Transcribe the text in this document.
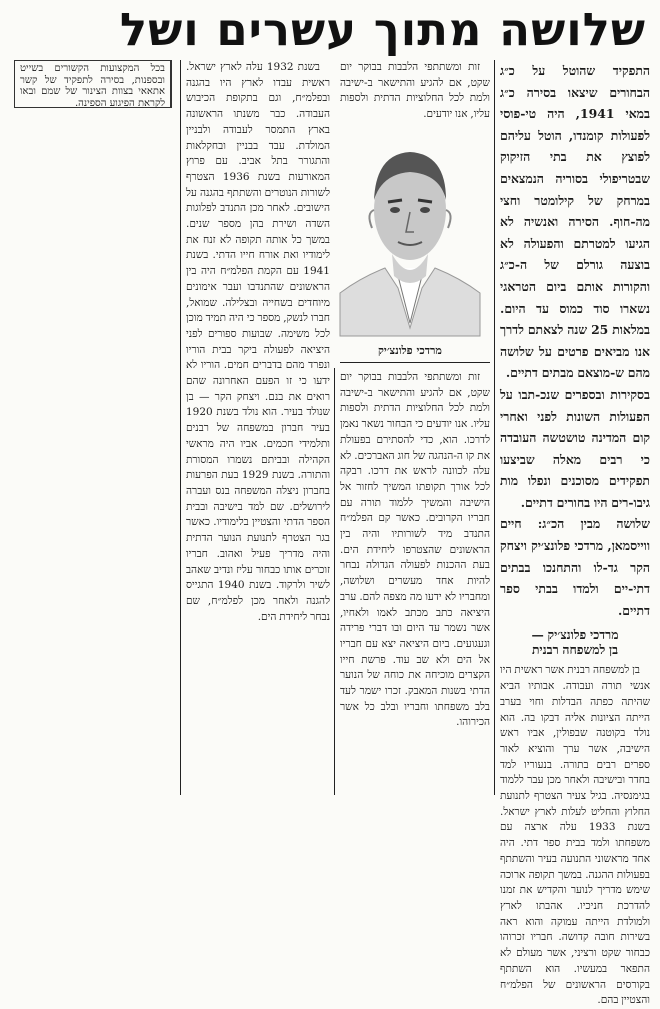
שלושה מתוך עשרים ושל

התפקיד שהוטל על כ״ג הבחורים שיצאו בסירה כ״ג במאי 1941, היה טי-פוסי לפעולות קומנדו, הוטל עליהם לפוצץ את בתי הזיקוק שבטריפולי בסוריה הנמצאים במרחק של קילומטר וחצי מה-חוף. הסירה ואנשיה לא הגיעו למטרתם והפעולה לא בוצעה גורלם של ה-כ״ג והקורות אותם ביום הטראגי נשארו סוד כמוס עד היום. במלאות 25 שנה לצאתם לדרך אנו מביאים פרטים על שלושה מהם ש-מוצאם מבתים דתיים.

בסקירות ובספרים שנכ-תבו על הפעולות השונות לפני ואחרי קום המדינה טושטשה העובדה כי רבים מאלה שביצעו תפקידים מסוכנים ונפלו מות גיבו-רים היו בחורים דתיים.

שלושה מבין הכ״ג: חיים ווייסמאן, מרדכי פלונצ׳יק ויצחק הקר גד-לו והתחנכו בבתים דתי-יים ולמדו בבתי ספר דתיים.

מרדכי פלונצ׳יק —
בן למשפחה רבנית

בן למשפחה רבנית אשר ראשית היו אנשי תורה ועבודה. אבותיו הביא שהיתה כפתה הבדלות וחוי בערב הייתה הציונות אליה דבקו בה. הוא נולד בקוטנה שבפולין, אביו ראש הישיבה, אשר ערך והוציא לאור ספרים רבים בתורה. בנעוריו למד בחדר ובישיבה ולאחר מכן עבר ללמוד בגימנסיה. בגיל צעיר הצטרף לתנועת החלוץ והחליט לעלות לארץ ישראל. בשנת 1933 עלה ארצה עם משפחתו ולמד בבית ספר דתי. היה אחד מראשוני התנועה בעיר והשתתף בפעולות ההגנה. במשך תקופה ארוכה שימש מדריך לנוער והקדיש את זמנו להדרכת חניכיו. אהבתו לארץ ולמולדת הייתה עמוקה והוא ראה בשירות חובה קדושה. חבריו זכרוהו כבחור שקט ורציני, אשר מעולם לא התפאר במעשיו. הוא השתתף בקורסים הראשונים של הפלמ״ח והצטיין בהם.

מרדכי פלונצ׳יק

זות ומשתתפי הלבבות בבוקר יום שקט, אם להגיע והתישאר ב-ישיבה ולמת לכל החלוציות הדתית ולספות עליו. אנו יודעים כי הבחור נשאר נאמן לדרכו. הוא, כדי להסתירם בפעולת את קו ה-הנהגה של חוג האברכים. לא עלה לכוונה לראש את דרכו. רבקה לכל אורך תקופתו המשיך לחזור אל הישיבה והמשיך ללמוד תורה עם חבריו הקרובים. כאשר קם הפלמ״ח התנדב מיד לשורותיו והיה בין הראשונים שהצטרפו ליחידת הים. בעת ההכנות לפעולה הגדולה נבחר להיות אחד מעשרים ושלושה, ומחבריו לא ידעו מה מצפה להם. ערב היציאה כתב מכתב לאמו ולאחיו, אשר נשמר עד היום ובו דברי פרידה וגעגועים. ביום היציאה יצא עם חבריו אל הים ולא שב עוד. פרשת חייו הקצרים מוכיחה את כוחה של הנוער הדתי בשנות המאבק. זכרו ישמר לעד בלב משפחתו וחבריו ובלב כל אשר הכירוהו.

זות ומשתתפי הלבבות בבוקר יום שקט, אם להגיע והתישאר ב-ישיבה ולמת לכל החלוציות הדתית ולספות עליו, אנו יודעים.

בשנת 1932 עלה לארץ ישראל. ראשית עבדו לארץ היו בהגנה ובפלמ״ח, וגם בתקופת הכיבוש העבודה. כבר משנתו הראשונה בארץ התמסר לעבודה ולבניין המולדת. עבד בבניין ובחקלאות והתגורר בתל אביב. עם פרוץ המאורעות בשנת 1936 הצטרף לשורות הנוטרים והשתתף בהגנה על הישובים. לאחר מכן התנדב לפלוגות השדה ושירת בהן מספר שנים. במשך כל אותה תקופה לא זנח את לימודיו ואת אורח חייו הדתי. בשנת 1941 עם הקמת הפלמ״ח היה בין הראשונים שהתנדבו ועבר אימונים מיוחדים בשחייה ובצלילה. שמואל, חברו לנשק, מספר כי היה תמיד מוכן לכל משימה. שבועות ספורים לפני היציאה לפעולה ביקר בבית הוריו ונפרד מהם בדברים חמים. הוריו לא ידעו כי זו הפעם האחרונה שהם רואים את בנם. ויצחק הקר — בן שנולד בעיר. הוא נולד בשנת 1920 בעיר חברון במשפחה של רבנים ותלמידי חכמים. אביו היה מראשי הקהילה ובביתם נשמרו המסורת והתורה. בשנת 1929 בעת הפרעות בחברון ניצלה המשפחה בנס ועברה לירושלים. שם למד בישיבה ובבית הספר הדתי והצטיין בלימודיו. כאשר בגר הצטרף לתנועת הנוער הדתית והיה מדריך פעיל ואהוב. חבריו זוכרים אותו כבחור עליז ונדיב שאהב לשיר ולרקוד. בשנת 1940 התגייס להגנה ולאחר מכן לפלמ״ח, שם נבחר ליחידת הים.

בכל המקצועות הקשורים בשייט ובספנות, בסירה לתפקיד של קשר אתאאי בצוות הצינור של שמם ובאו לקראת הפיגוע הספינה.
